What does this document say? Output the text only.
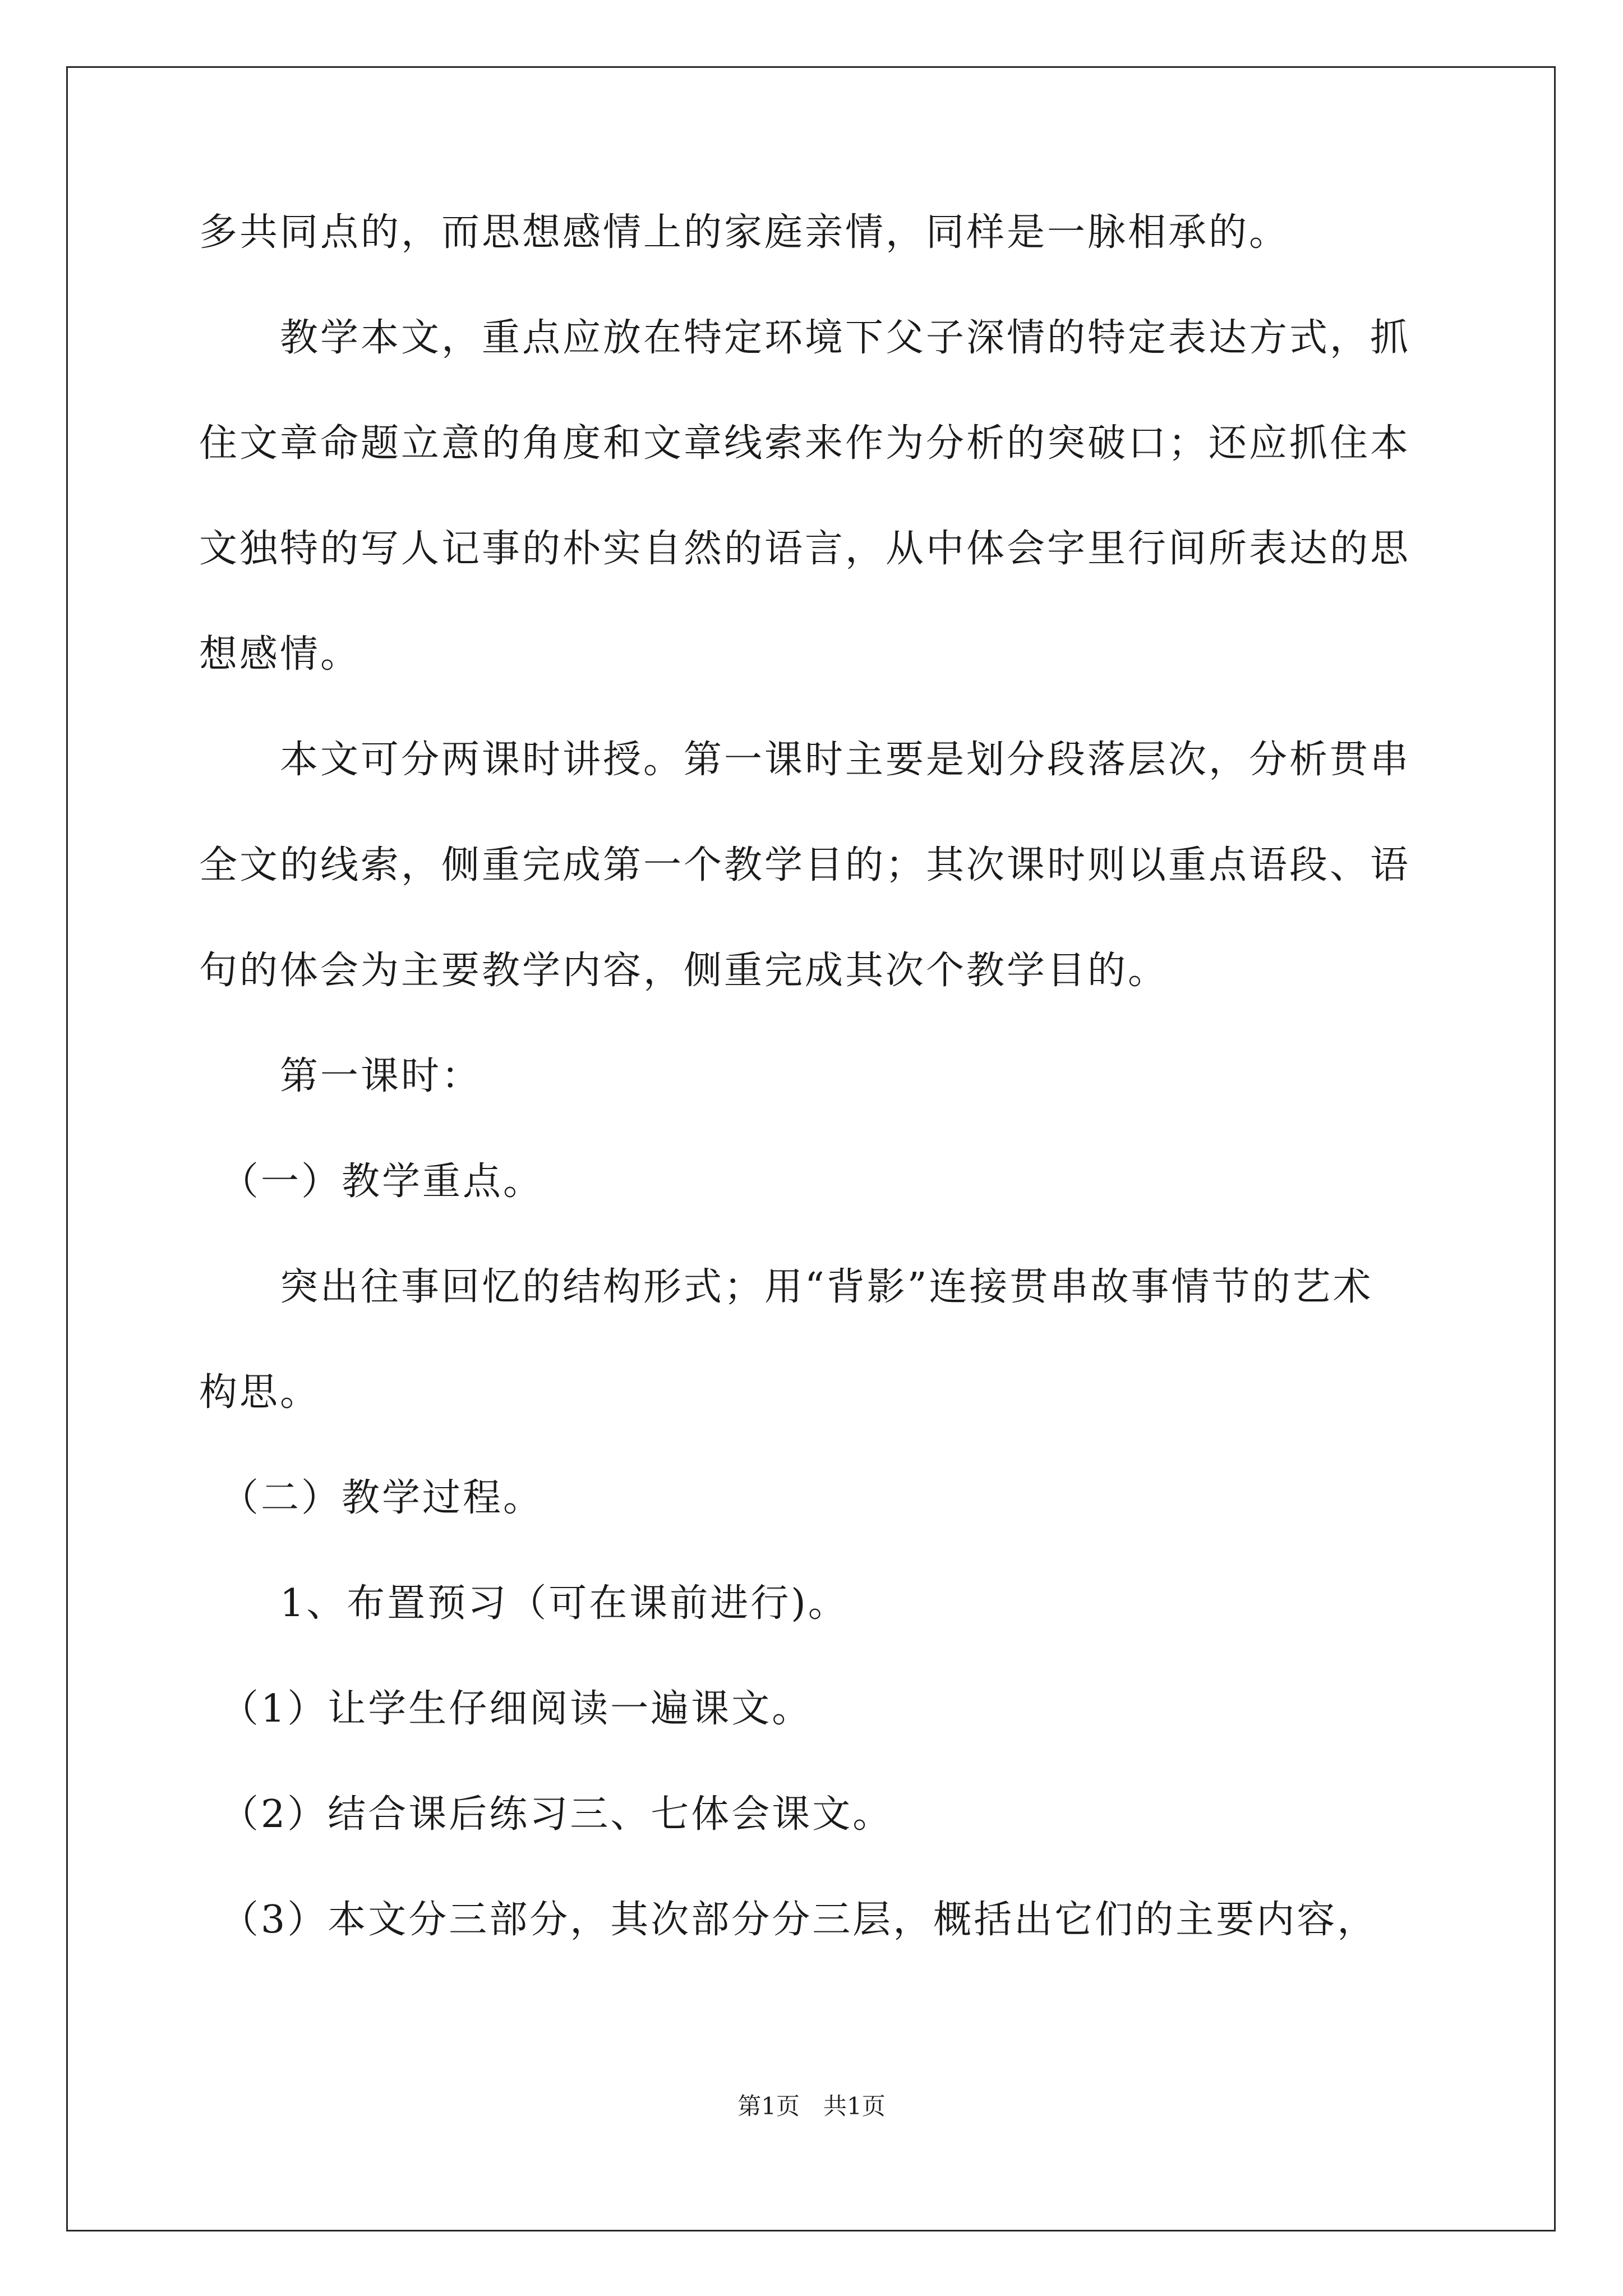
多共同点的，而思想感情上的家庭亲情，同样是一脉相承的。
　　教学本文，重点应放在特定环境下父子深情的特定表达方式，抓
住文章命题立意的角度和文章线索来作为分析的突破口；还应抓住本
文独特的写人记事的朴实自然的语言，从中体会字里行间所表达的思
想感情。
　　本文可分两课时讲授。第一课时主要是划分段落层次，分析贯串
全文的线索，侧重完成第一个教学目的；其次课时则以重点语段、语
句的体会为主要教学内容，侧重完成其次个教学目的。
　　第一课时：
　（一）教学重点。
　　突出往事回忆的结构形式；用“背影”连接贯串故事情节的艺术
构思。
　（二）教学过程。
　　1、布置预习（可在课前进行)。
　（1）让学生仔细阅读一遍课文。
　（2）结合课后练习三、七体会课文。
　（3）本文分三部分，其次部分分三层，概括出它们的主要内容，
第1页　共1页
